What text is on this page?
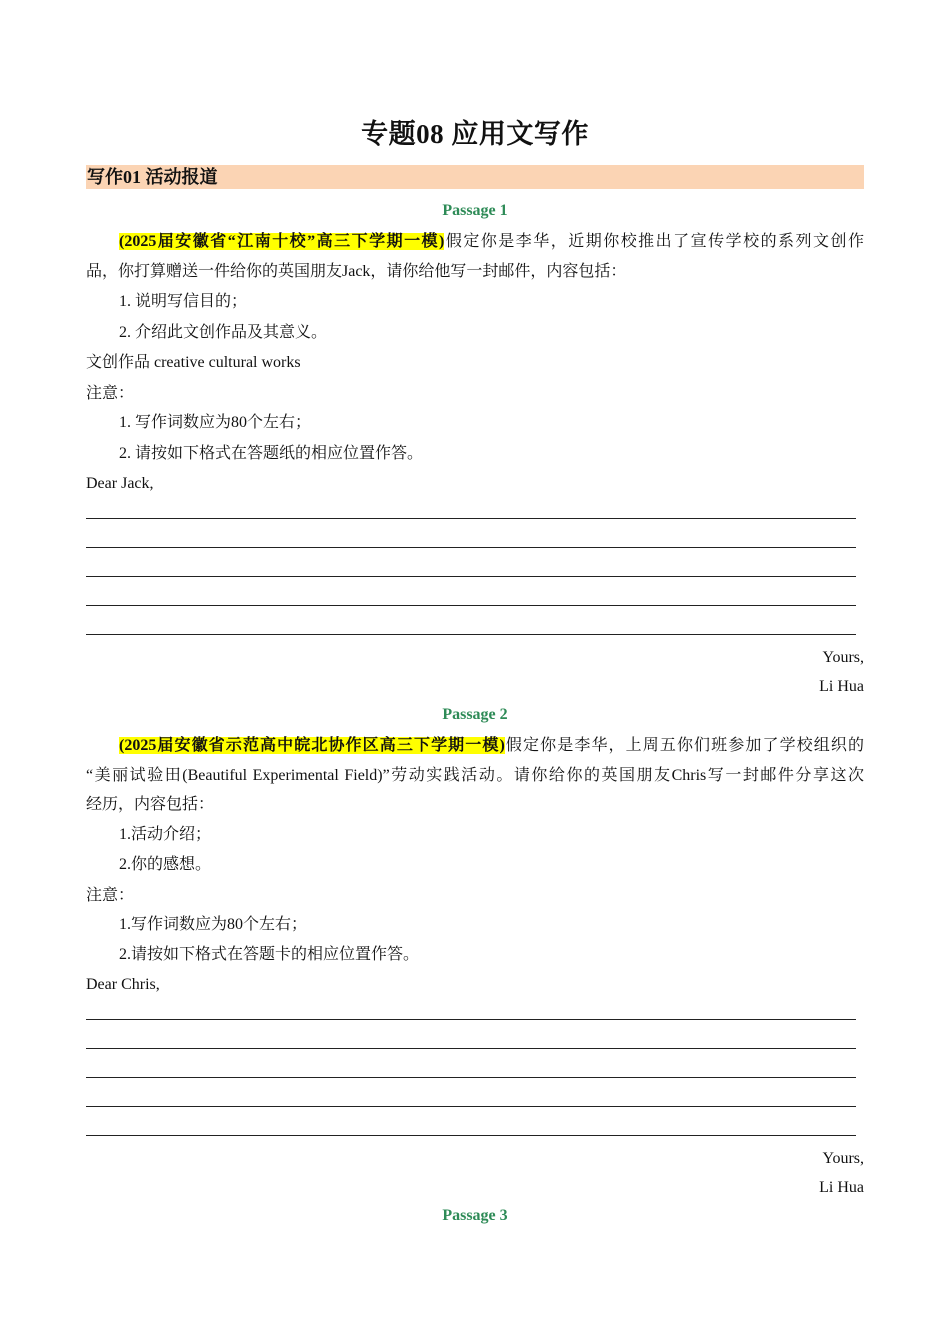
专题08 应用文写作
写作01 活动报道
Passage 1
(2025届安徽省“江南十校”高三下学期一模)假定你是李华，近期你校推出了宣传学校的系列文创作
品，你打算赠送一件给你的英国朋友Jack，请你给他写一封邮件，内容包括：
1. 说明写信目的；
2. 介绍此文创作品及其意义。
文创作品 creative cultural works
注意：
1. 写作词数应为80个左右；
2. 请按如下格式在答题纸的相应位置作答。
Dear Jack,
Yours,
Li Hua
Passage 2
(2025届安徽省示范高中皖北协作区高三下学期一模)假定你是李华，上周五你们班参加了学校组织的
“美丽试验田(Beautiful Experimental Field)”劳动实践活动。请你给你的英国朋友Chris写一封邮件分享这次
经历，内容包括：
1.活动介绍；
2.你的感想。
注意：
1.写作词数应为80个左右；
2.请按如下格式在答题卡的相应位置作答。
Dear Chris,
Yours,
Li Hua
Passage 3
